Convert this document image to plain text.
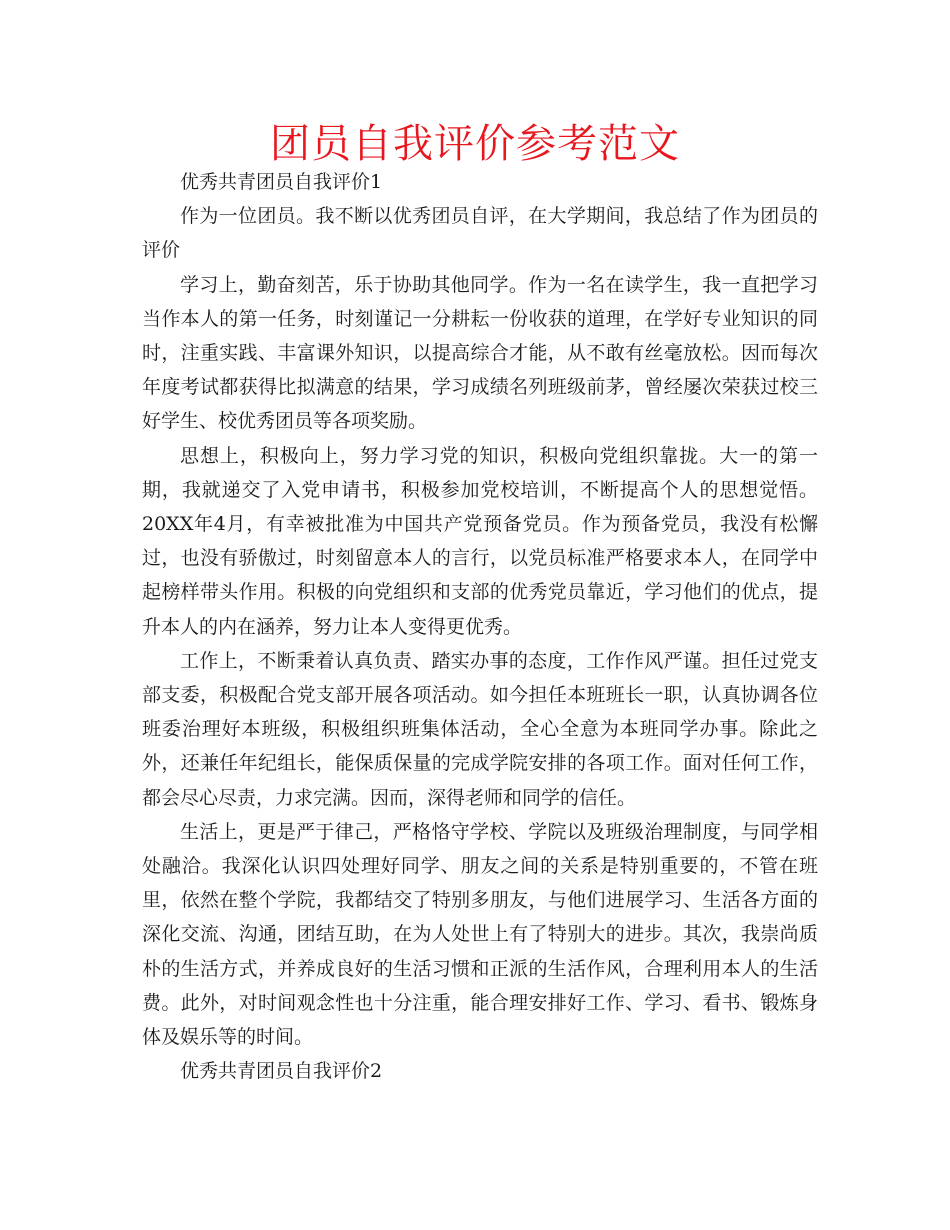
团员自我评价参考范文

优秀共青团员自我评价1

作为一位团员。我不断以优秀团员自评，在大学期间，我总结了作为团员的评价

学习上，勤奋刻苦，乐于协助其他同学。作为一名在读学生，我一直把学习当作本人的第一任务，时刻谨记一分耕耘一份收获的道理，在学好专业知识的同时，注重实践、丰富课外知识，以提高综合才能，从不敢有丝毫放松。因而每次年度考试都获得比拟满意的结果，学习成绩名列班级前茅，曾经屡次荣获过校三好学生、校优秀团员等各项奖励。

思想上，积极向上，努力学习党的知识，积极向党组织靠拢。大一的第一期，我就递交了入党申请书，积极参加党校培训，不断提高个人的思想觉悟。20XX年4月，有幸被批准为中国共产党预备党员。作为预备党员，我没有松懈过，也没有骄傲过，时刻留意本人的言行，以党员标准严格要求本人，在同学中起榜样带头作用。积极的向党组织和支部的优秀党员靠近，学习他们的优点，提升本人的内在涵养，努力让本人变得更优秀。

工作上，不断秉着认真负责、踏实办事的态度，工作作风严谨。担任过党支部支委，积极配合党支部开展各项活动。如今担任本班班长一职，认真协调各位班委治理好本班级，积极组织班集体活动，全心全意为本班同学办事。除此之外，还兼任年纪组长，能保质保量的完成学院安排的各项工作。面对任何工作，都会尽心尽责，力求完满。因而，深得老师和同学的信任。

生活上，更是严于律己，严格恪守学校、学院以及班级治理制度，与同学相处融洽。我深化认识四处理好同学、朋友之间的关系是特别重要的，不管在班里，依然在整个学院，我都结交了特别多朋友，与他们进展学习、生活各方面的深化交流、沟通，团结互助，在为人处世上有了特别大的进步。其次，我崇尚质朴的生活方式，并养成良好的生活习惯和正派的生活作风，合理利用本人的生活费。此外，对时间观念性也十分注重，能合理安排好工作、学习、看书、锻炼身体及娱乐等的时间。

优秀共青团员自我评价2
